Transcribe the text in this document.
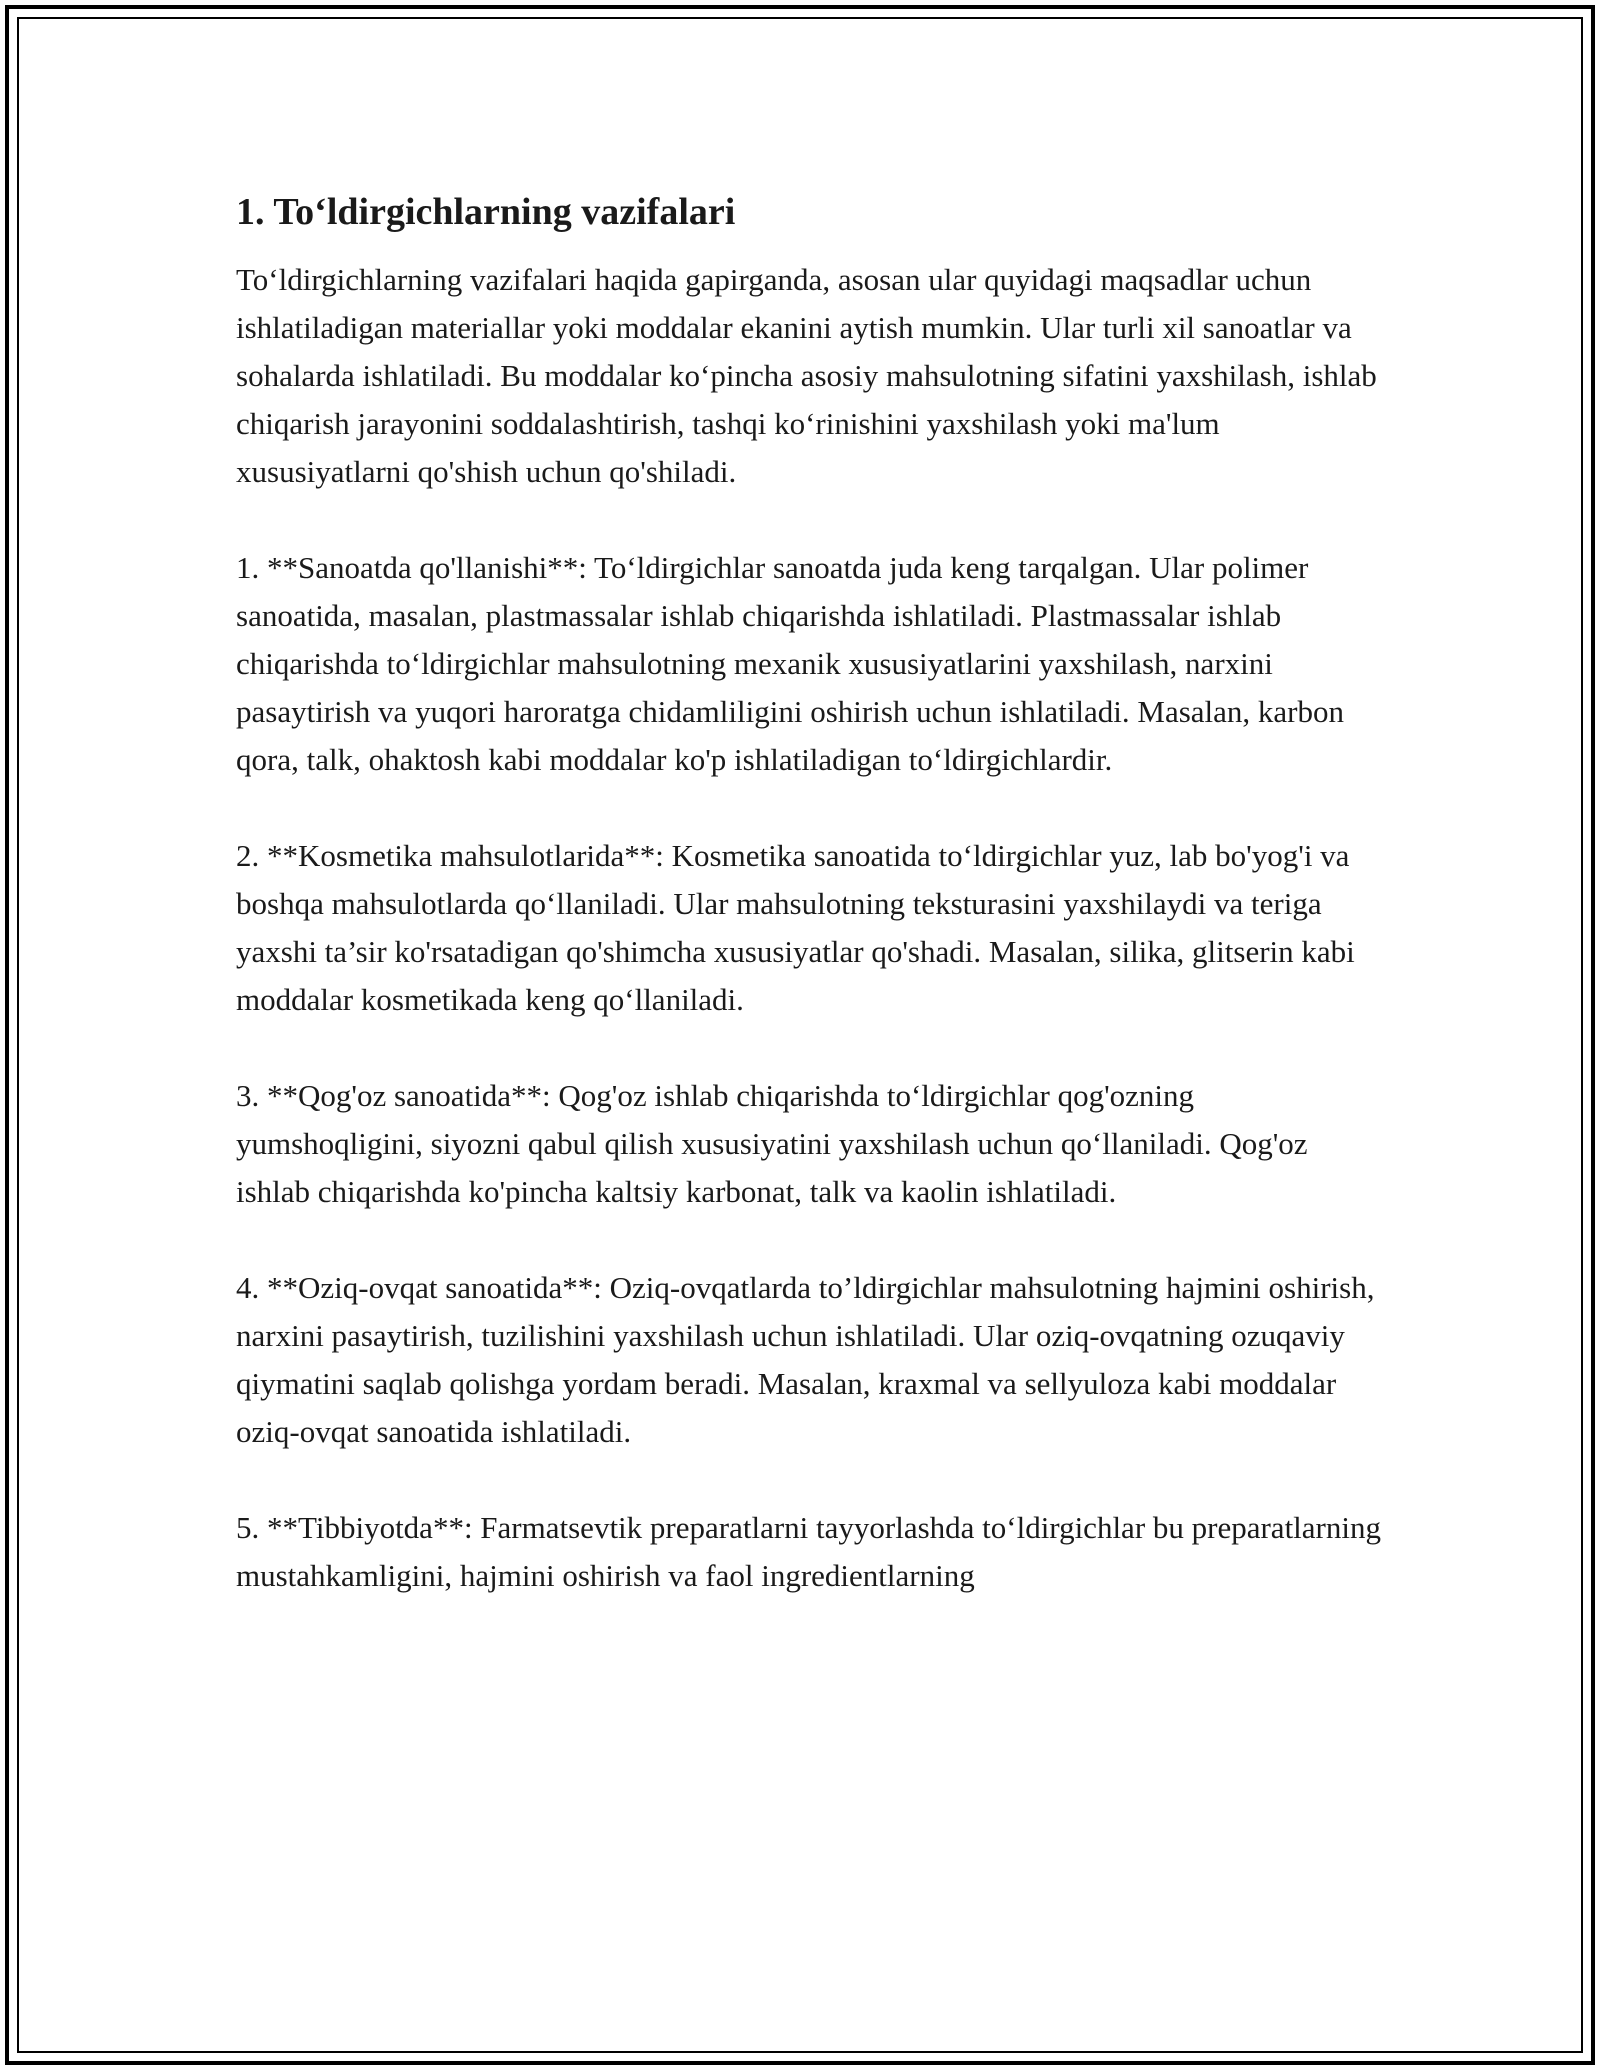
1. To‘ldirgichlarning vazifalari

To‘ldirgichlarning vazifalari haqida gapirganda, asosan ular quyidagi maqsadlar uchun ishlatiladigan materiallar yoki moddalar ekanini aytish mumkin. Ular turli xil sanoatlar va sohalarda ishlatiladi. Bu moddalar ko‘pincha asosiy mahsulotning sifatini yaxshilash, ishlab chiqarish jarayonini soddalashtirish, tashqi ko‘rinishini yaxshilash yoki ma'lum xususiyatlarni qo'shish uchun qo'shiladi.

1. **Sanoatda qo'llanishi**: To‘ldirgichlar sanoatda juda keng tarqalgan. Ular polimer sanoatida, masalan, plastmassalar ishlab chiqarishda ishlatiladi. Plastmassalar ishlab chiqarishda to‘ldirgichlar mahsulotning mexanik xususiyatlarini yaxshilash, narxini pasaytirish va yuqori haroratga chidamliligini oshirish uchun ishlatiladi. Masalan, karbon qora, talk, ohaktosh kabi moddalar ko'p ishlatiladigan to‘ldirgichlardir.

2. **Kosmetika mahsulotlarida**: Kosmetika sanoatida to‘ldirgichlar yuz, lab bo'yog'i va boshqa mahsulotlarda qo‘llaniladi. Ular mahsulotning teksturasini yaxshilaydi va teriga yaxshi ta’sir ko'rsatadigan qo'shimcha xususiyatlar qo'shadi. Masalan, silika, glitserin kabi moddalar kosmetikada keng qo‘llaniladi.

3. **Qog'oz sanoatida**: Qog'oz ishlab chiqarishda to‘ldirgichlar qog'ozning yumshoqligini, siyozni qabul qilish xususiyatini yaxshilash uchun qo‘llaniladi. Qog'oz ishlab chiqarishda ko'pincha kaltsiy karbonat, talk va kaolin ishlatiladi.

4. **Oziq-ovqat sanoatida**: Oziq-ovqatlarda to’ldirgichlar mahsulotning hajmini oshirish, narxini pasaytirish, tuzilishini yaxshilash uchun ishlatiladi. Ular oziq-ovqatning ozuqaviy qiymatini saqlab qolishga yordam beradi. Masalan, kraxmal va sellyuloza kabi moddalar oziq-ovqat sanoatida ishlatiladi.

5. **Tibbiyotda**: Farmatsevtik preparatlarni tayyorlashda to‘ldirgichlar bu preparatlarning mustahkamligini, hajmini oshirish va faol ingredientlarning
